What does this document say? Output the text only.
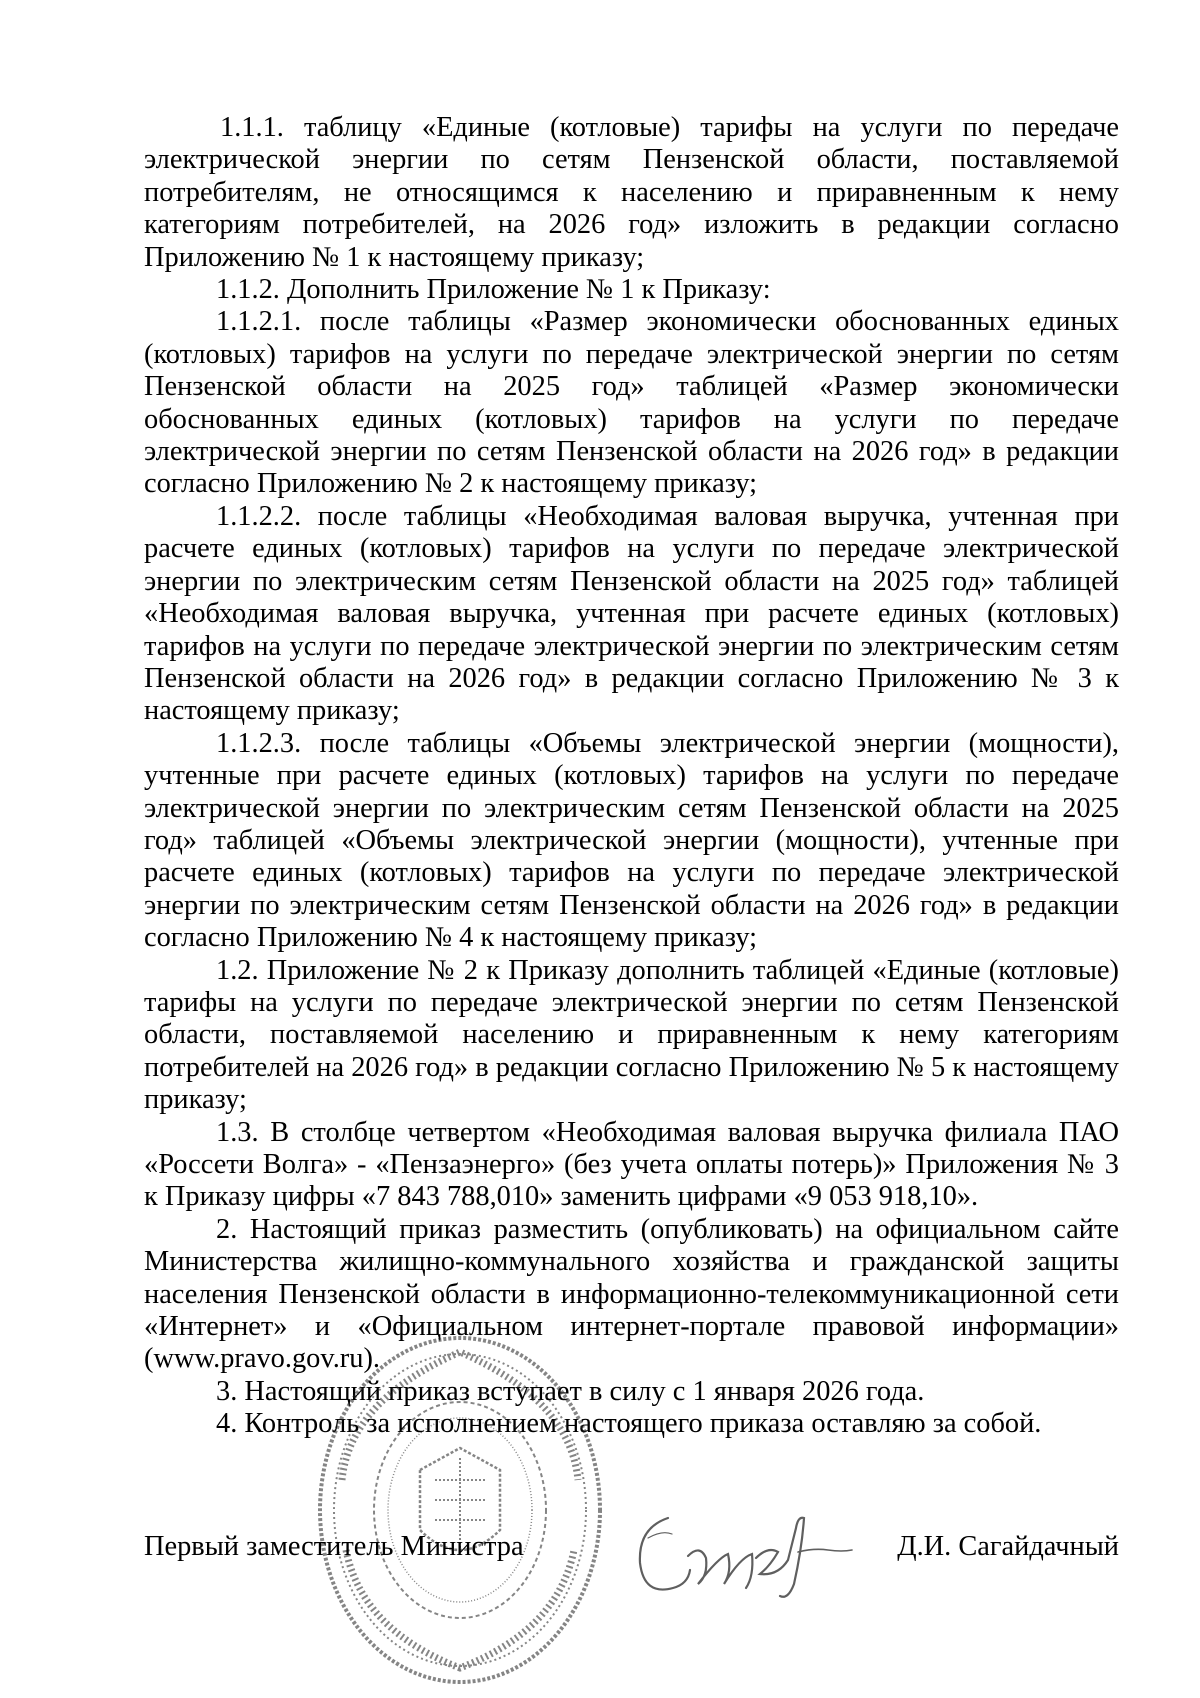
1.1.1. таблицу «Единые (котловые) тарифы на услуги по передаче электрической энергии по сетям Пензенской области, поставляемой потребителям, не относящимся к населению и приравненным к нему категориям потребителей, на 2026 год» изложить в редакции согласно Приложению № 1 к настоящему приказу;

1.1.2. Дополнить Приложение № 1 к Приказу:

1.1.2.1. после таблицы «Размер экономически обоснованных единых (котловых) тарифов на услуги по передаче электрической энергии по сетям Пензенской области на 2025 год» таблицей «Размер экономически обоснованных единых (котловых) тарифов на услуги по передаче электрической энергии по сетям Пензенской области на 2026 год» в редакции согласно Приложению № 2 к настоящему приказу;

1.1.2.2. после таблицы «Необходимая валовая выручка, учтенная при расчете единых (котловых) тарифов на услуги по передаче электрической энергии по электрическим сетям Пензенской области на 2025 год» таблицей «Необходимая валовая выручка, учтенная при расчете единых (котловых) тарифов на услуги по передаче электрической энергии по электрическим сетям Пензенской области на 2026 год» в редакции согласно Приложению № 3 к настоящему приказу;

1.1.2.3. после таблицы «Объемы электрической энергии (мощности), учтенные при расчете единых (котловых) тарифов на услуги по передаче электрической энергии по электрическим сетям Пензенской области на 2025 год» таблицей «Объемы электрической энергии (мощности), учтенные при расчете единых (котловых) тарифов на услуги по передаче электрической энергии по электрическим сетям Пензенской области на 2026 год» в редакции согласно Приложению № 4 к настоящему приказу;

1.2. Приложение № 2 к Приказу дополнить таблицей «Единые (котловые) тарифы на услуги по передаче электрической энергии по сетям Пензенской области, поставляемой населению и приравненным к нему категориям потребителей на 2026 год» в редакции согласно Приложению № 5 к настоящему приказу;

1.3. В столбце четвертом «Необходимая валовая выручка филиала ПАО «Россети Волга» - «Пензаэнерго» (без учета оплаты потерь)» Приложения № 3 к Приказу цифры «7 843 788,010» заменить цифрами «9 053 918,10».

2. Настоящий приказ разместить (опубликовать) на официальном сайте Министерства жилищно-коммунального хозяйства и гражданской защиты населения Пензенской области в информационно-телекоммуникационной сети «Интернет» и «Официальном интернет-портале правовой информации» (www.pravo.gov.ru).

3. Настоящий приказ вступает в силу с 1 января 2026 года.

4. Контроль за исполнением настоящего приказа оставляю за собой.

Первый заместитель Министра	Д.И. Сагайдачный
